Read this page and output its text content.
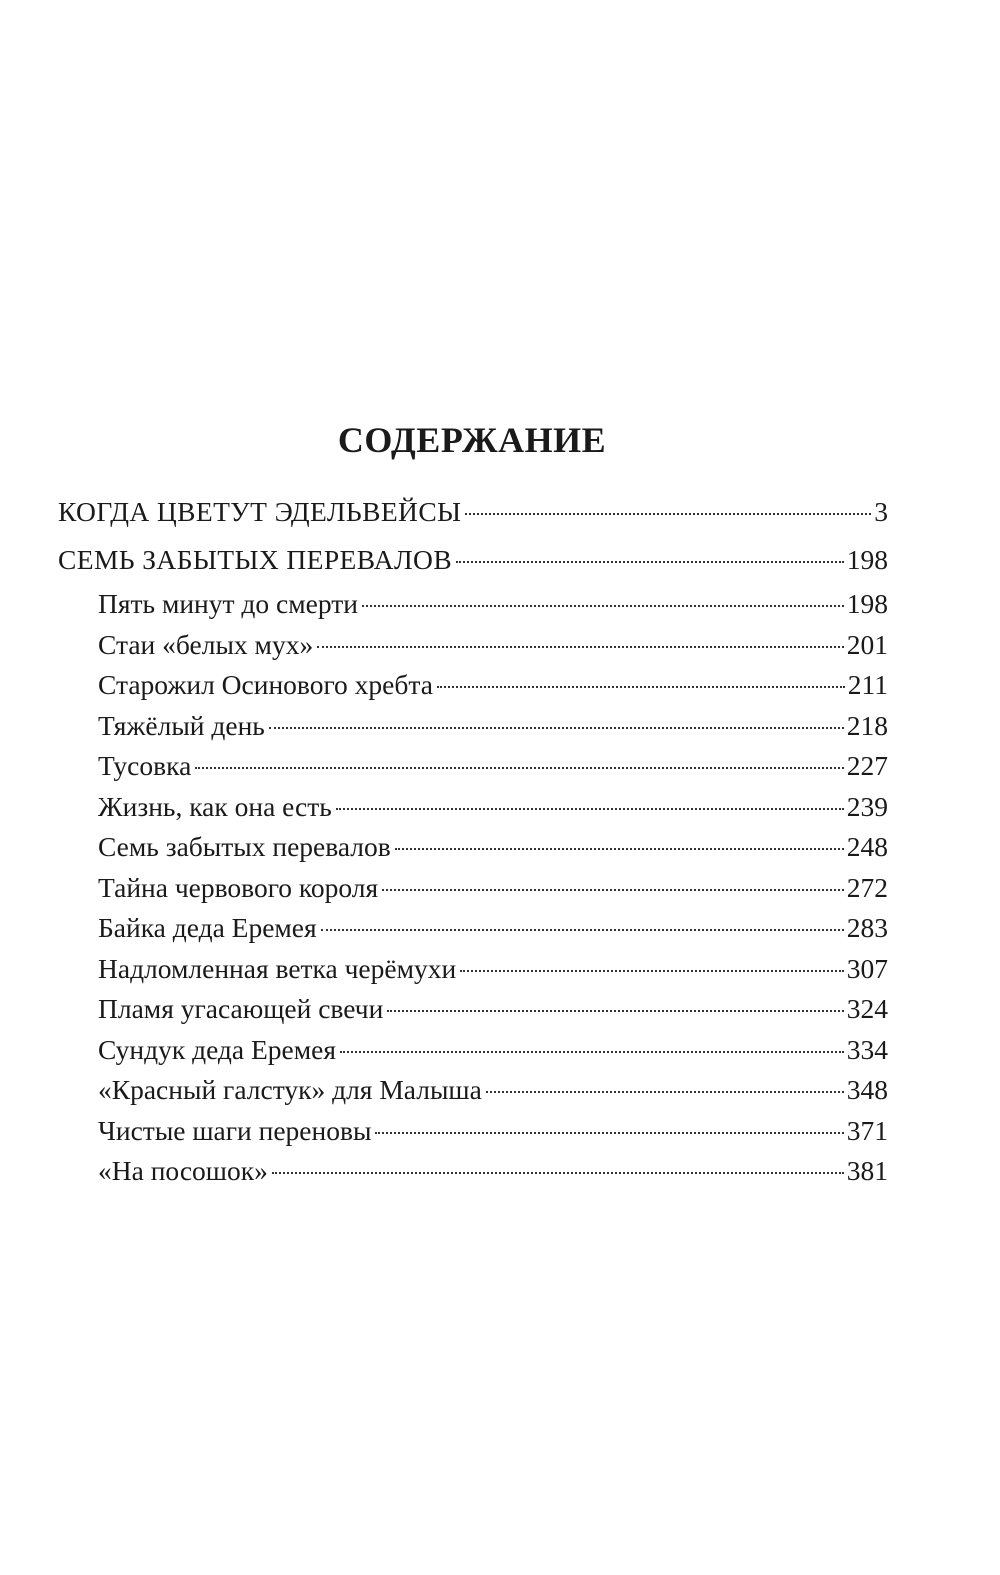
СОДЕРЖАНИЕ
КОГДА ЦВЕТУТ ЭДЕЛЬВЕЙСЫ	3
СЕМЬ ЗАБЫТЫХ ПЕРЕВАЛОВ	198
Пять минут до смерти	198
Стаи «белых мух»	201
Старожил Осинового хребта	211
Тяжёлый день	218
Тусовка	227
Жизнь, как она есть	239
Семь забытых перевалов	248
Тайна червового короля	272
Байка деда Еремея	283
Надломленная ветка черёмухи	307
Пламя угасающей свечи	324
Сундук деда Еремея	334
«Красный галстук» для Малыша	348
Чистые шаги переновы	371
«На посошок»	381
